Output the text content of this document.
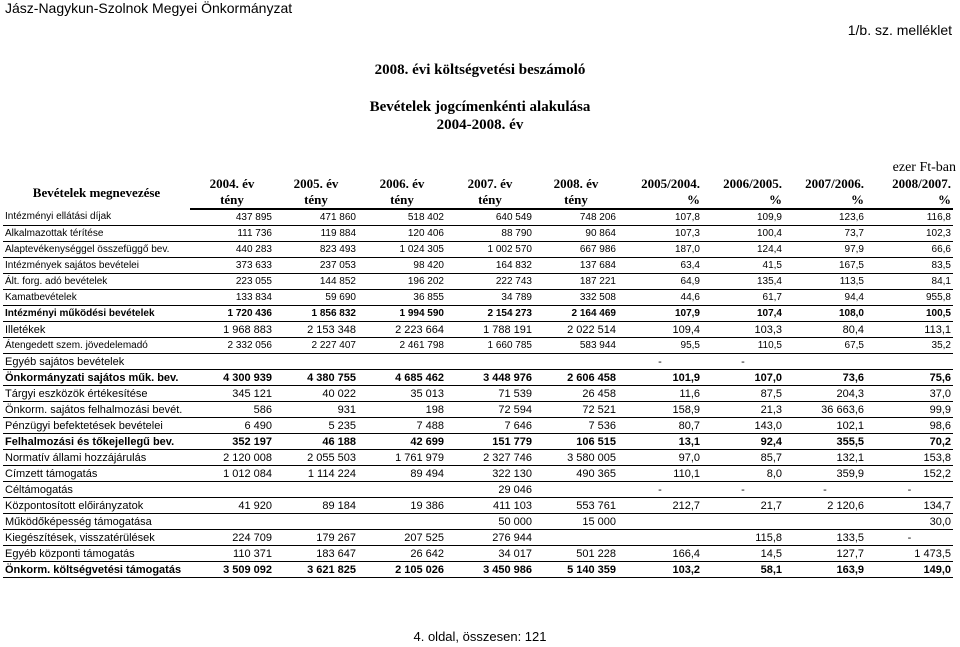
Jász-Nagykun-Szolnok Megyei Önkormányzat
1/b. sz. melléklet
2008. évi költségvetési beszámoló
Bevételek jogcímenkénti alakulása
2004-2008. év
ezer Ft-ban
Bevételek megnevezése	2004. év	2005. év	2006. év	2007. év	2008. év	2005/2004.	2006/2005.	2007/2006.	2008/2007.
	tény	tény	tény	tény	tény	%	%	%	%
Intézményi ellátási díjak	437 895	471 860	518 402	640 549	748 206	107,8	109,9	123,6	116,8
Alkalmazottak térítése	111 736	119 884	120 406	88 790	90 864	107,3	100,4	73,7	102,3
Alaptevékenységgel összefüggő bev.	440 283	823 493	1 024 305	1 002 570	667 986	187,0	124,4	97,9	66,6
Intézmények sajátos bevételei	373 633	237 053	98 420	164 832	137 684	63,4	41,5	167,5	83,5
Ált. forg. adó bevételek	223 055	144 852	196 202	222 743	187 221	64,9	135,4	113,5	84,1
Kamatbevételek	133 834	59 690	36 855	34 789	332 508	44,6	61,7	94,4	955,8
Intézményi működési bevételek	1 720 436	1 856 832	1 994 590	2 154 273	2 164 469	107,9	107,4	108,0	100,5
Illetékek	1 968 883	2 153 348	2 223 664	1 788 191	2 022 514	109,4	103,3	80,4	113,1
Átengedett szem. jövedelemadó	2 332 056	2 227 407	2 461 798	1 660 785	583 944	95,5	110,5	67,5	35,2
Egyéb sajátos bevételek						-	-		
Önkormányzati sajátos műk. bev.	4 300 939	4 380 755	4 685 462	3 448 976	2 606 458	101,9	107,0	73,6	75,6
Tárgyi eszközök értékesítése	345 121	40 022	35 013	71 539	26 458	11,6	87,5	204,3	37,0
Önkorm. sajátos felhalmozási bevét.	586	931	198	72 594	72 521	158,9	21,3	36 663,6	99,9
Pénzügyi befektetések bevételei	6 490	5 235	7 488	7 646	7 536	80,7	143,0	102,1	98,6
Felhalmozási és tőkejellegű bev.	352 197	46 188	42 699	151 779	106 515	13,1	92,4	355,5	70,2
Normatív állami hozzájárulás	2 120 008	2 055 503	1 761 979	2 327 746	3 580 005	97,0	85,7	132,1	153,8
Címzett támogatás	1 012 084	1 114 224	89 494	322 130	490 365	110,1	8,0	359,9	152,2
Céltámogatás				29 046		-	-	-	-
Központosított előirányzatok	41 920	89 184	19 386	411 103	553 761	212,7	21,7	2 120,6	134,7
Működőképesség támogatása				50 000	15 000				30,0
Kiegészítések, visszatérülések	224 709	179 267	207 525	276 944			115,8	133,5	-
Egyéb központi támogatás	110 371	183 647	26 642	34 017	501 228	166,4	14,5	127,7	1 473,5
Önkorm. költségvetési támogatás	3 509 092	3 621 825	2 105 026	3 450 986	5 140 359	103,2	58,1	163,9	149,0
4. oldal, összesen: 121
